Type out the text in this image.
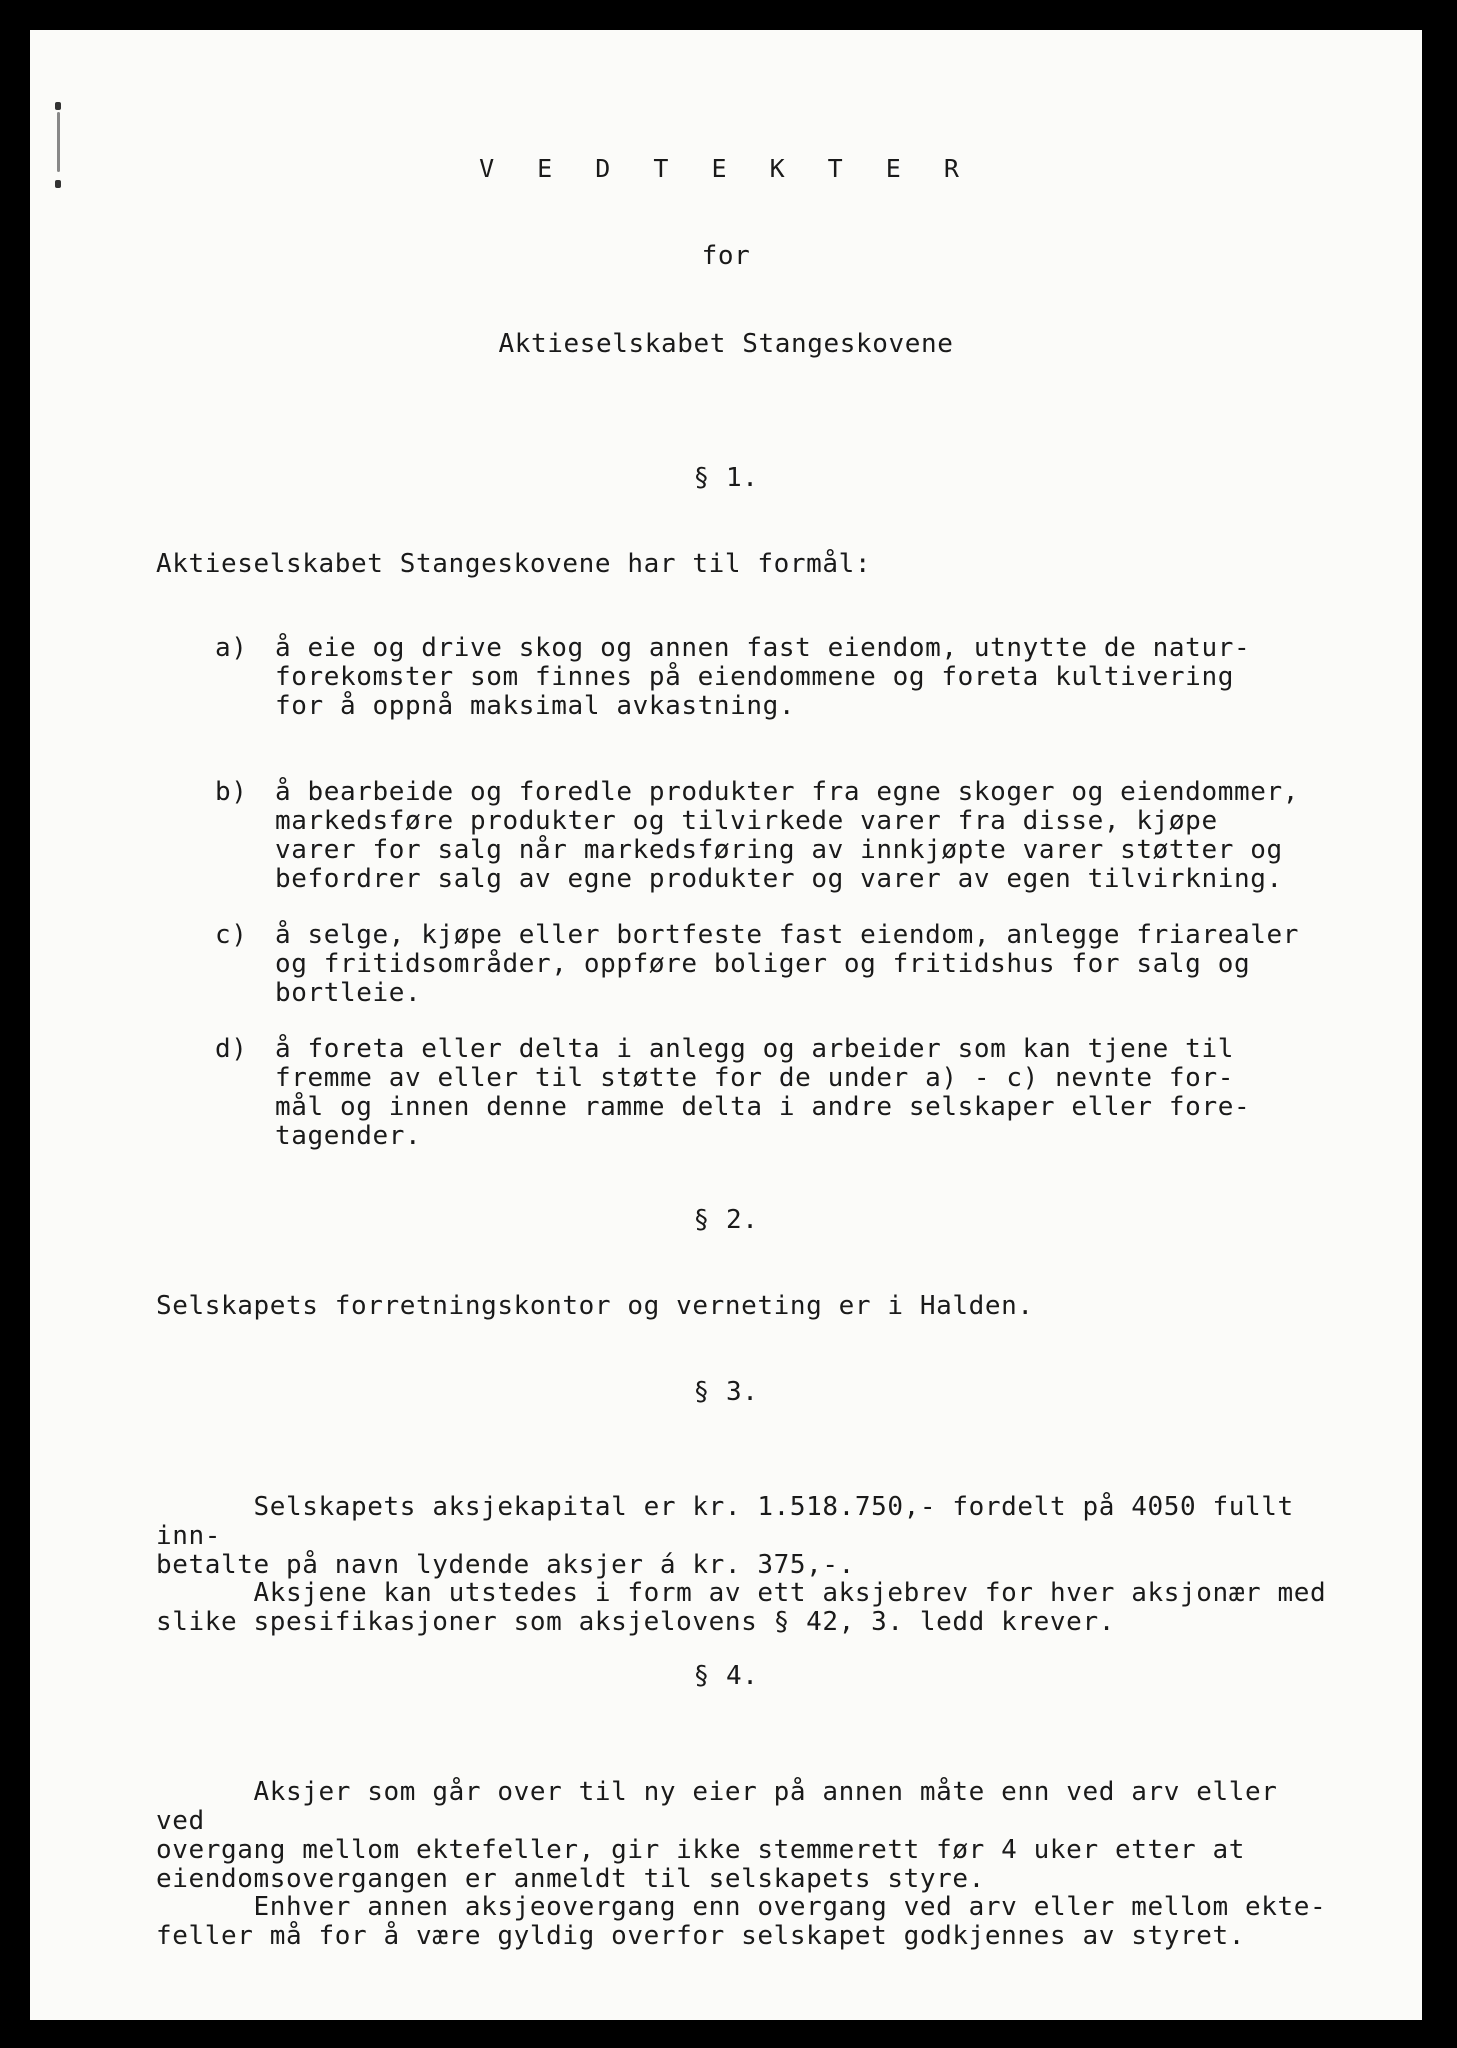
V E D T E K T E R
for
Aktieselskabet Stangeskovene
§ 1.
Aktieselskabet Stangeskovene har til formål:

a)

å eie og drive skog og annen fast eiendom, utnytte de natur-
forekomster som finnes på eiendommene og foreta kultivering
for å oppnå maksimal avkastning.

b)

å bearbeide og foredle produkter fra egne skoger og eiendommer,
markedsføre produkter og tilvirkede varer fra disse, kjøpe
varer for salg når markedsføring av innkjøpte varer støtter og
befordrer salg av egne produkter og varer av egen tilvirkning.

c)

å selge, kjøpe eller bortfeste fast eiendom, anlegge friarealer
og fritidsområder, oppføre boliger og fritidshus for salg og
bortleie.

d)

å foreta eller delta i anlegg og arbeider som kan tjene til
fremme av eller til støtte for de under a) - c) nevnte for-
mål og innen denne ramme delta i andre selskaper eller fore-
tagender.

§ 2.
Selskapets forretningskontor og verneting er i Halden.
§ 3.

Selskapets aksjekapital er kr. 1.518.750,- fordelt på 4050 fullt inn-
betalte på navn lydende aksjer á kr. 375,-.

Aksjene kan utstedes i form av ett aksjebrev for hver aksjonær med
slike spesifikasjoner som aksjelovens § 42, 3. ledd krever.

§ 4.

Aksjer som går over til ny eier på annen måte enn ved arv eller ved
overgang mellom ektefeller, gir ikke stemmerett før 4 uker etter at
eiendomsovergangen er anmeldt til selskapets styre.

Enhver annen aksjeovergang enn overgang ved arv eller mellom ekte-
feller må for å være gyldig overfor selskapet godkjennes av styret.
